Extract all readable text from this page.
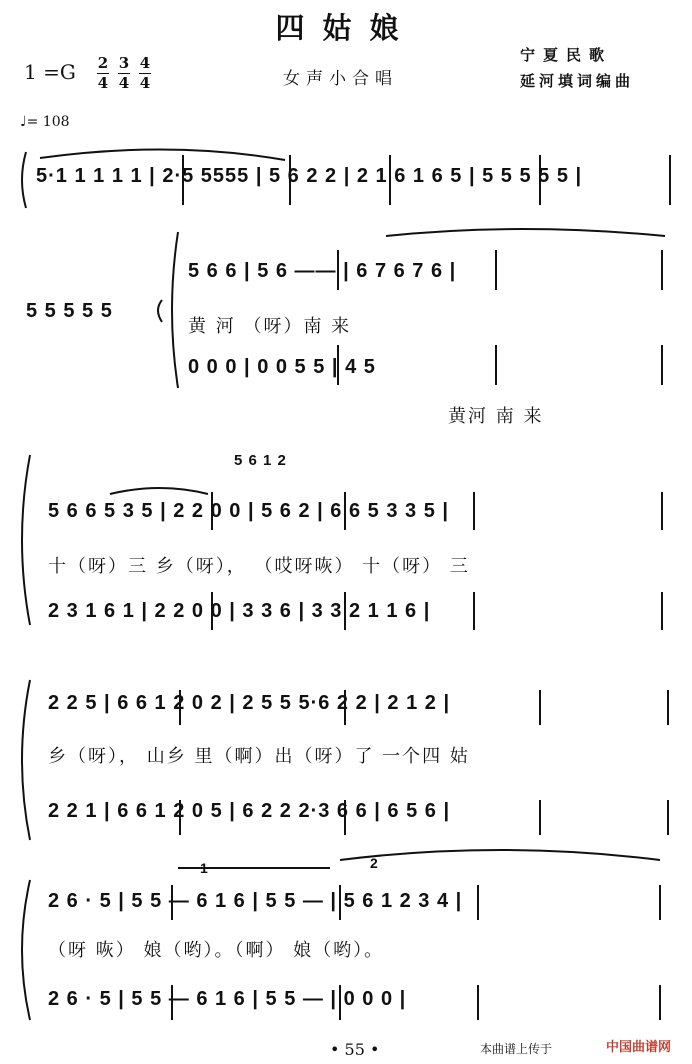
四姑娘
1 =G 2
4
3
4
4
4	女声小合唱
宁夏民歌
延河填词编曲
♩= 108
1	2
5·1 1 1 1 1 | 2·5 5555 | 5 6 2 2 | 2 1 6 1 6 5 | 5 5 5 5 5 |
5 5 5 5 5
5 6 6 | 5 6 —— | 6 7 6 7 6 |
黄 河 （呀）南 来
0 0 0 | 0 0 5 5 | 4 5
黄河 南 来
5 6 1 2
5 6 6 5 3 5 | 2 2 0 0 | 5 6 2 | 6 6 5 3 3 5 |
十（呀）三 乡（呀）， （哎呀咴） 十（呀） 三
2 3 1 6 1 | 2 2 0 0 | 3 3 6 | 3 3 2 1 1 6 |
2 2 5 | 6 6 1 2 0 2 | 2 5 5 5·6 2 2 | 2 1 2 |
乡（呀）， 山乡 里（啊）出（呀）了 一个四 姑
2 2 1 | 6 6 1 2 0 5 | 6 2 2 2·3 6 6 | 6 5 6 |
2 6 · 5 | 5 5 — 6 1 6 | 5 5 — | 5 6 1 2 3 4 |
（呀 咴） 娘（哟）。（啊） 娘（哟）。
2 6 · 5 | 5 5 — 6 1 6 | 5 5 — | 0 0 0 |
• 55 •	本曲谱上传于	中国曲谱网
